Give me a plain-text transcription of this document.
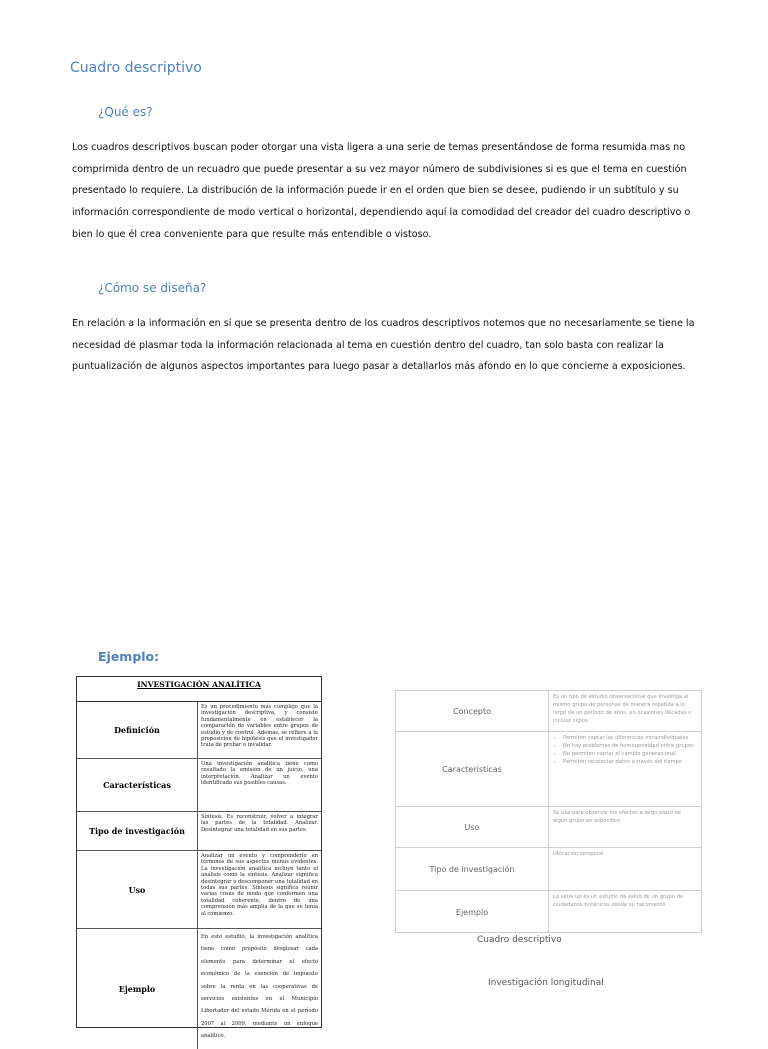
Cuadro descriptivo
¿Qué es?
Los cuadros descriptivos buscan poder otorgar una vista ligera a una serie de temas presentándose de forma resumida mas no comprimida dentro de un recuadro que puede presentar a su vez mayor número de subdivisiones si es que el tema en cuestión presentado lo requiere. La distribución de la información puede ir en el orden que bien se desee, pudiendo ir un subtítulo y su información correspondiente de modo vertical o horizontal, dependiendo aquí la comodidad del creador del cuadro descriptivo o bien lo que él crea conveniente para que resulte más entendible o vistoso.
¿Cómo se diseña?
En relación a la información en sí que se presenta dentro de los cuadros descriptivos notemos que no necesariamente se tiene la necesidad de plasmar toda la información relacionada al tema en cuestión dentro del cuadro, tan solo basta con realizar la puntualización de algunos aspectos importantes para luego pasar a detallarlos más afondo en lo que concierne a exposiciones.
Ejemplo:
INVESTIGACIÓN ANALÍTICA
Definición
Es un procedimiento más complejo que la investigación descriptiva, y consiste fundamentalmente en establecer la comparación de variables entre grupos de estudio y de control. Además, se refiere a la proposición de hipótesis que el investigador trata de probar o invalidar.
Características
Una investigación analítica tiene como resultado la emisión de un juicio, una interpretación. Analizar un evento identificado sus posibles causas.
Tipo de investigación
Síntesis. Es reconstruir, volver a integrar las partes de la totalidad. Analizar. Desintegrar una totalidad en sus partes.
Uso
Analizar un evento y comprenderlo en términos de sus aspectos menos evidentes. La investigación analítica incluye tanto el análisis como la síntesis. Analizar significa desintegrar o descomponer una totalidad en todas sus partes. Síntesis significa reunir varias cosas de modo que conformen una totalidad coherente, dentro de una comprensión más amplia de la que se tenía al comienzo.
Ejemplo
En este estudio, la investigación analítica tiene como propósito desglosar cada elemento para determinar el efecto económico de la exención de impuesto sobre la renta en las cooperativas de servicios existentes en el Municipio Libertador del estado Mérida en el período 2007 al 2009, mediante un enfoque analítico.
Concepto
Es un tipo de estudio observacional que investiga al mismo grupo de personas de manera repetida a lo largo de un período de años, en ocasiones décadas o incluso siglos.
Características
• Permiten captar las diferencias intraindividuales
• No hay problemas de homogeneidad entre grupos
• No permiten captar el cambio generacional
• Permiten recolectar datos a través del tiempo
Uso
Se usa para observar los efectos a largo plazo de algún grupo en específico.
Tipo de investigación
Ubicación temporal
Ejemplo
La serie up es un estudio de salud de un grupo de ciudadanos británicos desde su nacimiento
Cuadro descriptivo
Investigación longitudinal
